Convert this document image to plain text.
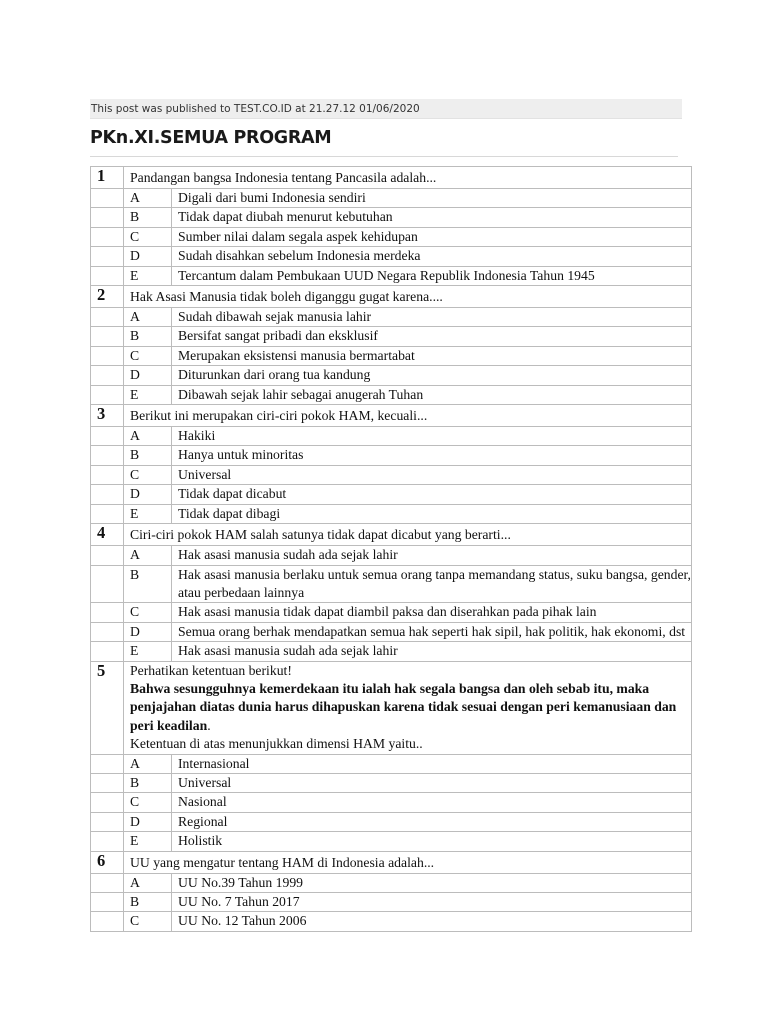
This post was published to TEST.CO.ID at 21.27.12 01/06/2020
PKn.XI.SEMUA PROGRAM
1	Pandangan bangsa Indonesia tentang Pancasila adalah...	
	A	Digali dari bumi Indonesia sendiri
	B	Tidak dapat diubah menurut kebutuhan
	C	Sumber nilai dalam segala aspek kehidupan
	D	Sudah disahkan sebelum Indonesia merdeka
	E	Tercantum dalam Pembukaan UUD Negara Republik Indonesia Tahun 1945
2	Hak Asasi Manusia tidak boleh diganggu gugat karena....	
	A	Sudah dibawah sejak manusia lahir
	B	Bersifat sangat pribadi dan eksklusif
	C	Merupakan eksistensi manusia bermartabat
	D	Diturunkan dari orang tua kandung
	E	Dibawah sejak lahir sebagai anugerah Tuhan
3	Berikut ini merupakan ciri-ciri pokok HAM, kecuali...	
	A	Hakiki
	B	Hanya untuk minoritas
	C	Universal
	D	Tidak dapat dicabut
	E	Tidak dapat dibagi
4	Ciri-ciri pokok HAM salah satunya tidak dapat dicabut yang berarti...	
	A	Hak asasi manusia sudah ada sejak lahir
	B	Hak asasi manusia berlaku untuk semua orang tanpa memandang status, suku bangsa, gender, atau perbedaan lainnya
	C	Hak asasi manusia tidak dapat diambil paksa dan diserahkan pada pihak lain
	D	Semua orang berhak mendapatkan semua hak seperti hak sipil, hak politik, hak ekonomi, dst
	E	Hak asasi manusia sudah ada sejak lahir
5	Perhatikan ketentuan berikut!
Bahwa sesungguhnya kemerdekaan itu ialah hak segala bangsa dan oleh sebab itu, maka penjajahan diatas dunia harus dihapuskan karena tidak sesuai dengan peri kemanusiaan dan peri keadilan.
Ketentuan di atas menunjukkan dimensi HAM yaitu..	

	A	Internasional
	B	Universal
	C	Nasional
	D	Regional
	E	Holistik
6	UU yang mengatur tentang HAM di Indonesia adalah...	
	A	UU No.39 Tahun 1999
	B	UU No. 7 Tahun 2017
	C	UU No. 12 Tahun 2006
